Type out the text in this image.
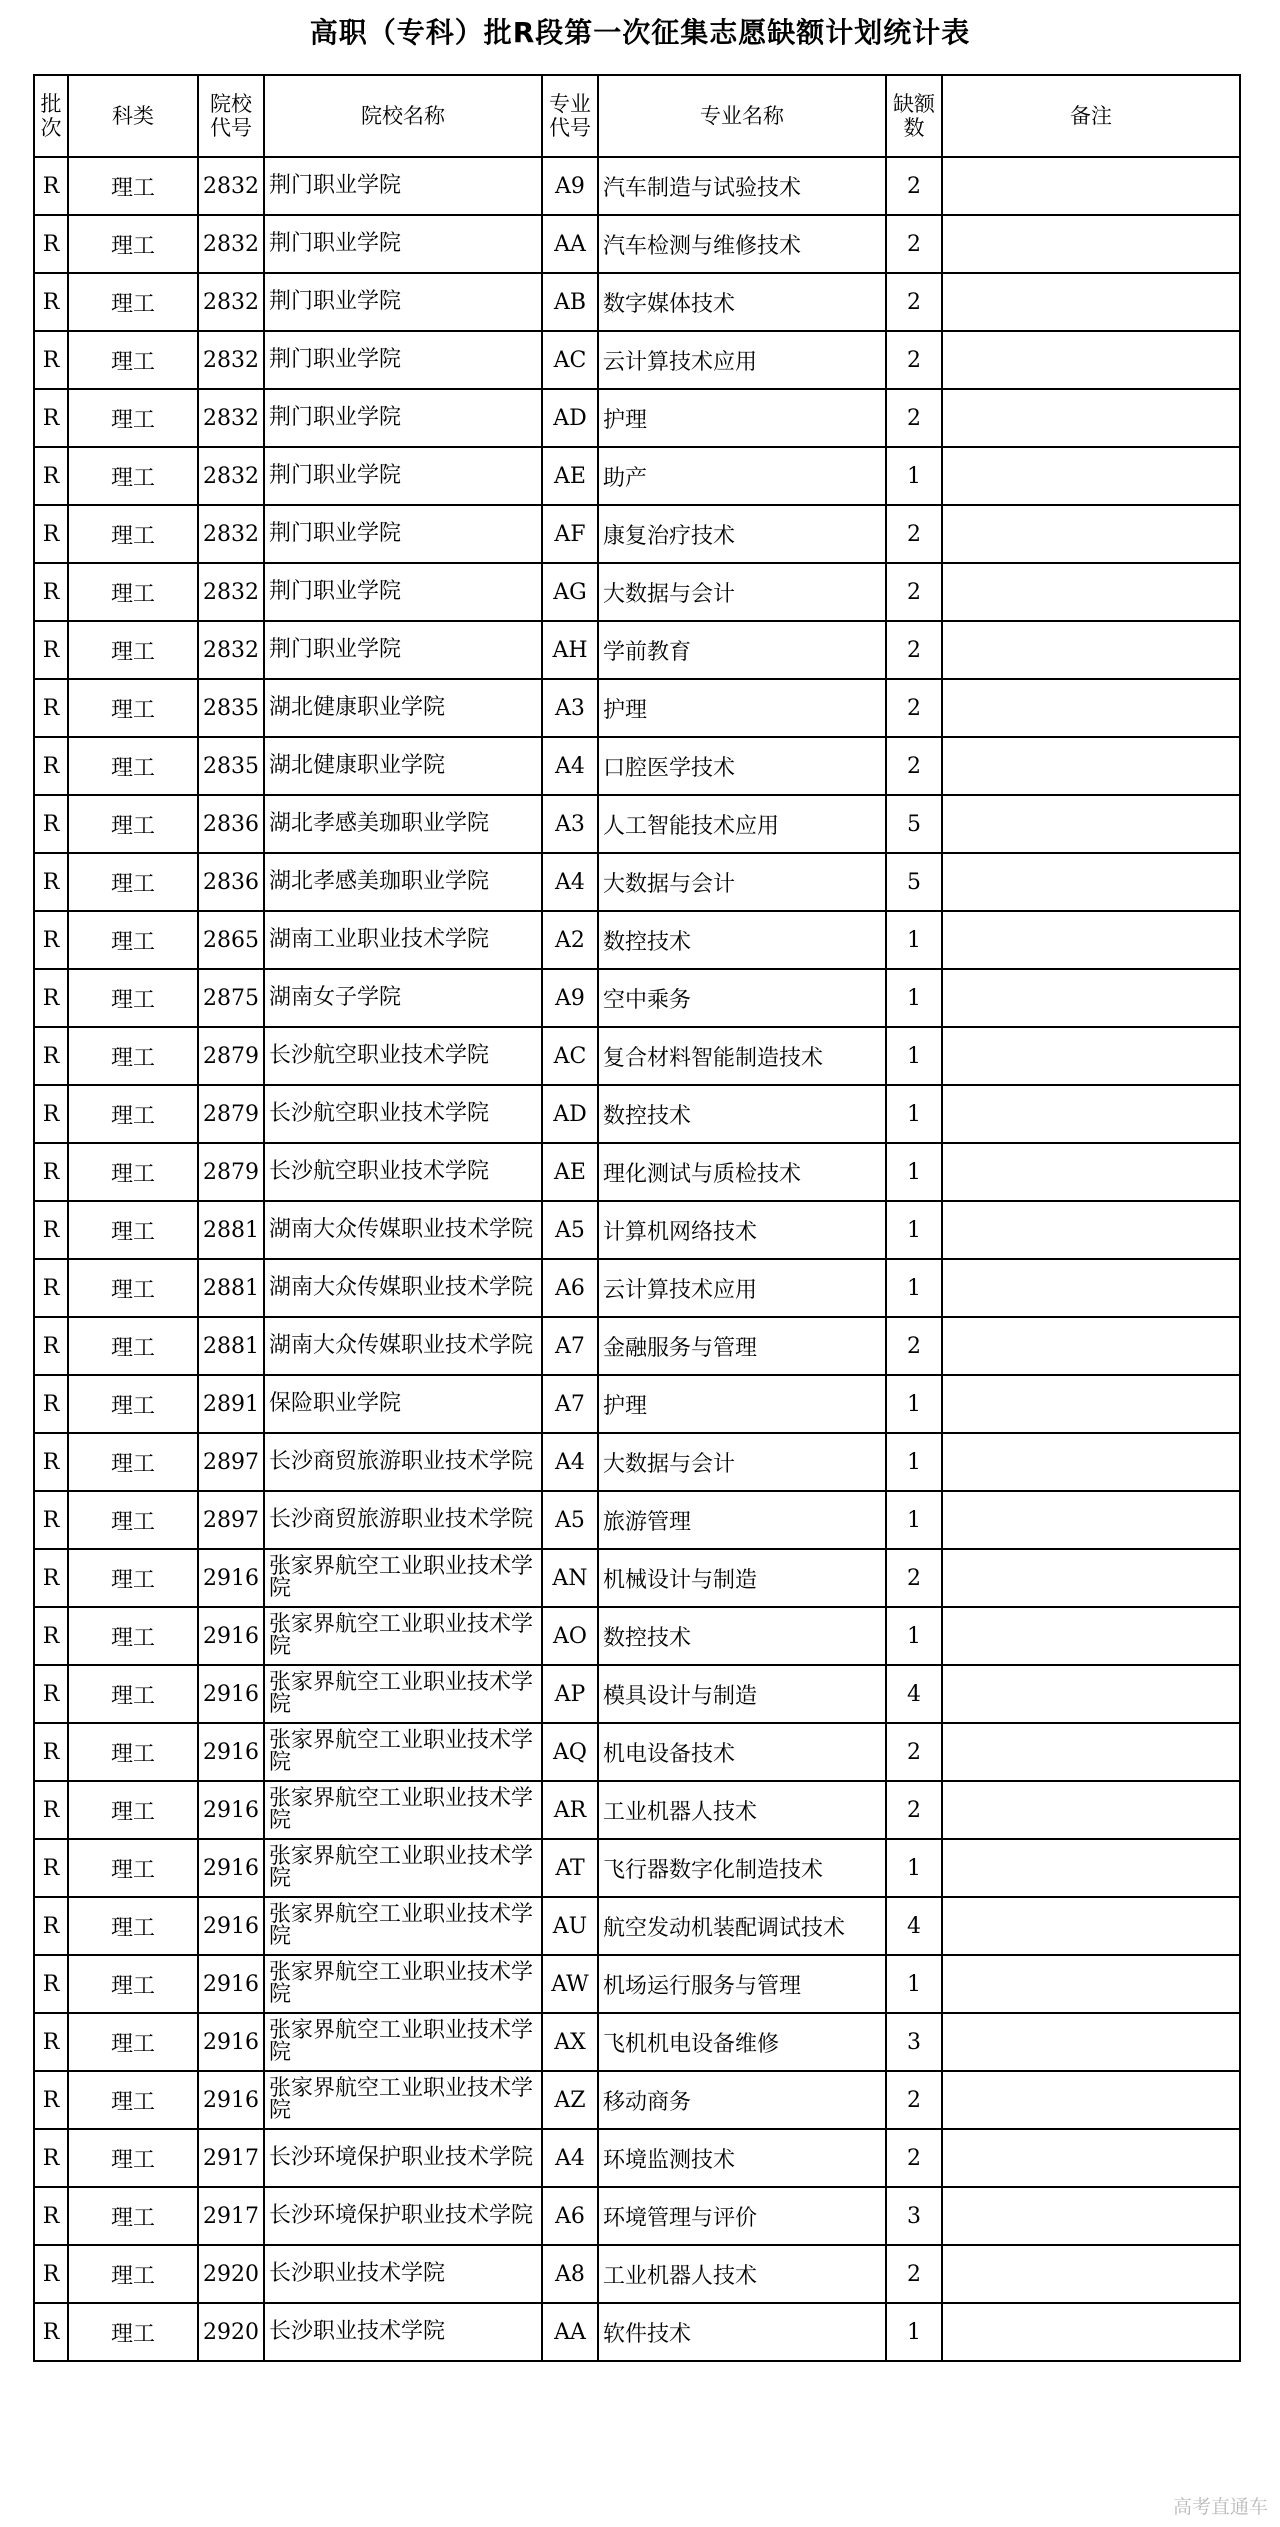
高职（专科）批R段第一次征集志愿缺额计划统计表
批次	科类	院校代号	院校名称	专业代号	专业名称	缺额数	备注
R	理工	2832	荆门职业学院	A9	汽车制造与试验技术	2	
R	理工	2832	荆门职业学院	AA	汽车检测与维修技术	2	
R	理工	2832	荆门职业学院	AB	数字媒体技术	2	
R	理工	2832	荆门职业学院	AC	云计算技术应用	2	
R	理工	2832	荆门职业学院	AD	护理	2	
R	理工	2832	荆门职业学院	AE	助产	1	
R	理工	2832	荆门职业学院	AF	康复治疗技术	2	
R	理工	2832	荆门职业学院	AG	大数据与会计	2	
R	理工	2832	荆门职业学院	AH	学前教育	2	
R	理工	2835	湖北健康职业学院	A3	护理	2	
R	理工	2835	湖北健康职业学院	A4	口腔医学技术	2	
R	理工	2836	湖北孝感美珈职业学院	A3	人工智能技术应用	5	
R	理工	2836	湖北孝感美珈职业学院	A4	大数据与会计	5	
R	理工	2865	湖南工业职业技术学院	A2	数控技术	1	
R	理工	2875	湖南女子学院	A9	空中乘务	1	
R	理工	2879	长沙航空职业技术学院	AC	复合材料智能制造技术	1	
R	理工	2879	长沙航空职业技术学院	AD	数控技术	1	
R	理工	2879	长沙航空职业技术学院	AE	理化测试与质检技术	1	
R	理工	2881	湖南大众传媒职业技术学院	A5	计算机网络技术	1	
R	理工	2881	湖南大众传媒职业技术学院	A6	云计算技术应用	1	
R	理工	2881	湖南大众传媒职业技术学院	A7	金融服务与管理	2	
R	理工	2891	保险职业学院	A7	护理	1	
R	理工	2897	长沙商贸旅游职业技术学院	A4	大数据与会计	1	
R	理工	2897	长沙商贸旅游职业技术学院	A5	旅游管理	1	
R	理工	2916	张家界航空工业职业技术学院	AN	机械设计与制造	2	
R	理工	2916	张家界航空工业职业技术学院	AO	数控技术	1	
R	理工	2916	张家界航空工业职业技术学院	AP	模具设计与制造	4	
R	理工	2916	张家界航空工业职业技术学院	AQ	机电设备技术	2	
R	理工	2916	张家界航空工业职业技术学院	AR	工业机器人技术	2	
R	理工	2916	张家界航空工业职业技术学院	AT	飞行器数字化制造技术	1	
R	理工	2916	张家界航空工业职业技术学院	AU	航空发动机装配调试技术	4	
R	理工	2916	张家界航空工业职业技术学院	AW	机场运行服务与管理	1	
R	理工	2916	张家界航空工业职业技术学院	AX	飞机机电设备维修	3	
R	理工	2916	张家界航空工业职业技术学院	AZ	移动商务	2	
R	理工	2917	长沙环境保护职业技术学院	A4	环境监测技术	2	
R	理工	2917	长沙环境保护职业技术学院	A6	环境管理与评价	3	
R	理工	2920	长沙职业技术学院	A8	工业机器人技术	2	
R	理工	2920	长沙职业技术学院	AA	软件技术	1	
高考直通车
